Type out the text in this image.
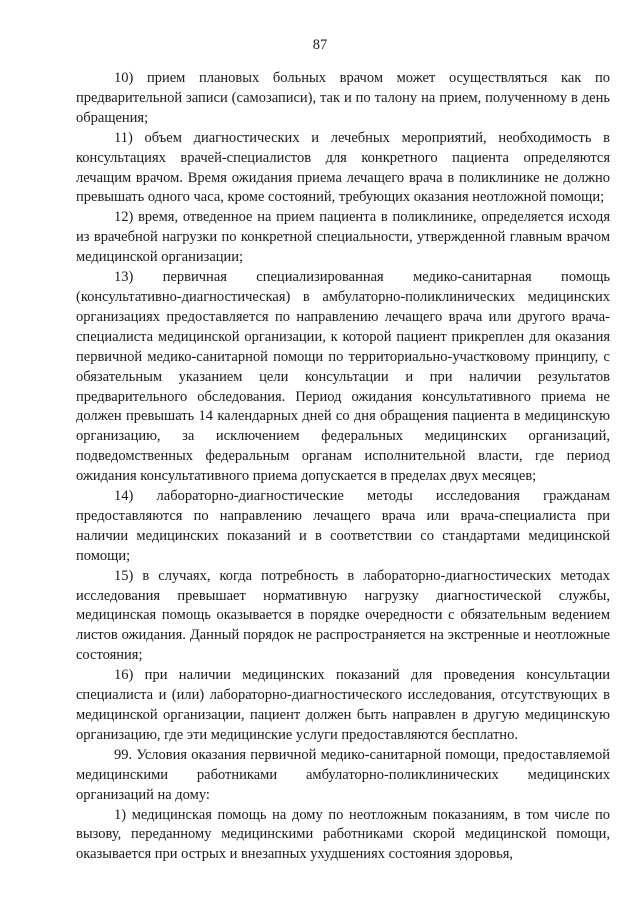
87

10) прием плановых больных врачом может осуществляться как по предварительной записи (самозаписи), так и по талону на прием, полученному в день обращения;

11) объем диагностических и лечебных мероприятий, необходимость в консультациях врачей-специалистов для конкретного пациента определяются лечащим врачом. Время ожидания приема лечащего врача в поликлинике не должно превышать одного часа, кроме состояний, требующих оказания неотложной помощи;

12) время, отведенное на прием пациента в поликлинике, определяется исходя из врачебной нагрузки по конкретной специальности, утвержденной главным врачом медицинской организации;

13) первичная специализированная медико-санитарная помощь (консультативно-диагностическая) в амбулаторно-поликлинических медицинских организациях предоставляется по направлению лечащего врача или другого врача-специалиста медицинской организации, к которой пациент прикреплен для оказания первичной медико-санитарной помощи по территориально-участковому принципу, с обязательным указанием цели консультации и при наличии результатов предварительного обследования. Период ожидания консультативного приема не должен превышать 14 календарных дней со дня обращения пациента в медицинскую организацию, за исключением федеральных медицинских организаций, подведомственных федеральным органам исполнительной власти, где период ожидания консультативного приема допускается в пределах двух месяцев;

14) лабораторно-диагностические методы исследования гражданам предоставляются по направлению лечащего врача или врача-специалиста при наличии медицинских показаний и в соответствии со стандартами медицинской помощи;

15) в случаях, когда потребность в лабораторно-диагностических методах исследования превышает нормативную нагрузку диагностической службы, медицинская помощь оказывается в порядке очередности с обязательным ведением листов ожидания. Данный порядок не распространяется на экстренные и неотложные состояния;

16) при наличии медицинских показаний для проведения консультации специалиста и (или) лабораторно-диагностического исследования, отсутствующих в медицинской организации, пациент должен быть направлен в другую медицинскую организацию, где эти медицинские услуги предоставляются бесплатно.

99. Условия оказания первичной медико-санитарной помощи, предоставляемой медицинскими работниками амбулаторно-поликлинических медицинских организаций на дому:

1) медицинская помощь на дому по неотложным показаниям, в том числе по вызову, переданному медицинскими работниками скорой медицинской помощи, оказывается при острых и внезапных ухудшениях состояния здоровья,
